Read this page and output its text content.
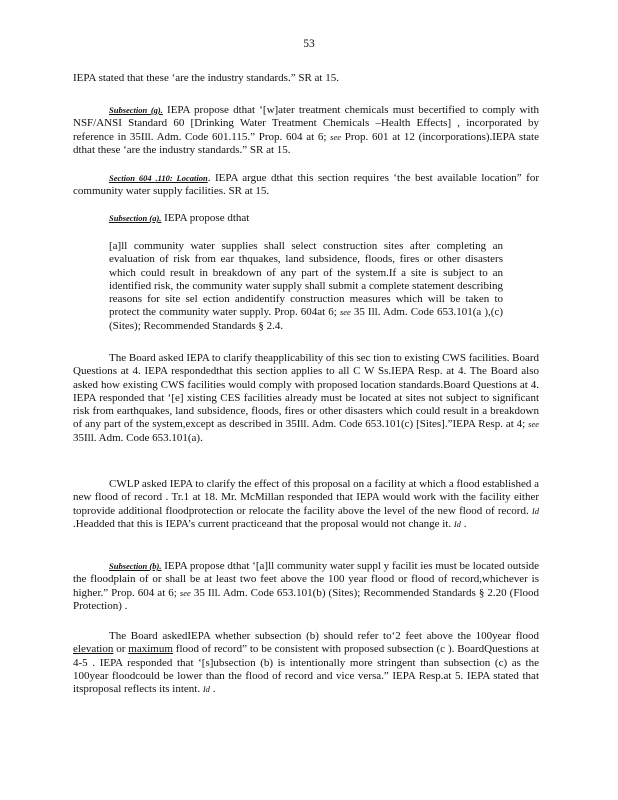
53

IEPA stated that these ‘are the industry standards.” SR at 15.

Subsection (g). IEPA propose dthat ‘[w]ater treatment chemicals must becertified to comply with NSF/ANSI Standard 60 [Drinking Water Treatment Chemicals –Health Effects] , incorporated by reference in 35Ill. Adm. Code 601.115.” Prop. 604 at 6; see Prop. 601 at 12 (incorporations).IEPA state dthat these ‘are the industry standards.” SR at 15.

Section 604 .110: Location. IEPA argue dthat this section requires ‘the best available location” for community water supply facilities. SR at 15.

Subsection (a). IEPA propose dthat

[a]ll community water supplies shall select construction sites after completing an evaluation of risk from ear thquakes, land subsidence, floods, fires or other disasters which could result in breakdown of any part of the system.If a site is subject to an identified risk, the community water supply shall submit a complete statement describing reasons for site sel ection andidentify construction measures which will be taken to protect the community water supply. Prop. 604at 6; see 35 Ill. Adm. Code 653.101(a ),(c) (Sites); Recommended Standards § 2.4.

The Board asked IEPA to clarify theapplicability of this sec tion to existing CWS facilities. Board Questions at 4. IEPA respondedthat this section applies to all C W Ss.IEPA Resp. at 4. The Board also asked how existing CWS facilities would comply with proposed location standards.Board Questions at 4. IEPA responded that ‘[e] xisting CES facilities already must be located at sites not subject to significant risk from earthquakes, land subsidence, floods, fires or other disasters which could result in a breakdown of any part of the system,except as described in 35Ill. Adm. Code 653.101(c) [Sites].”IEPA Resp. at 4; see 35Ill. Adm. Code 653.101(a).

CWLP asked IEPA to clarify the effect of this proposal on a facility at which a flood established a new flood of record . Tr.1 at 18. Mr. McMillan responded that IEPA would work with the facility either toprovide additional floodprotection or relocate the facility above the level of the new flood of record. Id .Headded that this is IEPA’s current practiceand that the proposal would not change it. Id .

Subsection (b). IEPA propose dthat ‘[a]ll community water suppl y facilit ies must be located outside the floodplain of or shall be at least two feet above the 100 year flood or flood of record,whichever is higher.” Prop. 604 at 6; see 35 Ill. Adm. Code 653.101(b) (Sites); Recommended Standards § 2.20 (Flood Protection) .

The Board askedIEPA whether subsection (b) should refer to‘2 feet above the 100year flood elevation or maximum flood of record” to be consistent with proposed subsection (c ). BoardQuestions at 4-5 . IEPA responded that ‘[s]ubsection (b) is intentionally more stringent than subsection (c) as the 100year floodcould be lower than the flood of record and vice versa.” IEPA Resp.at 5. IEPA stated that itsproposal reflects its intent. Id .
